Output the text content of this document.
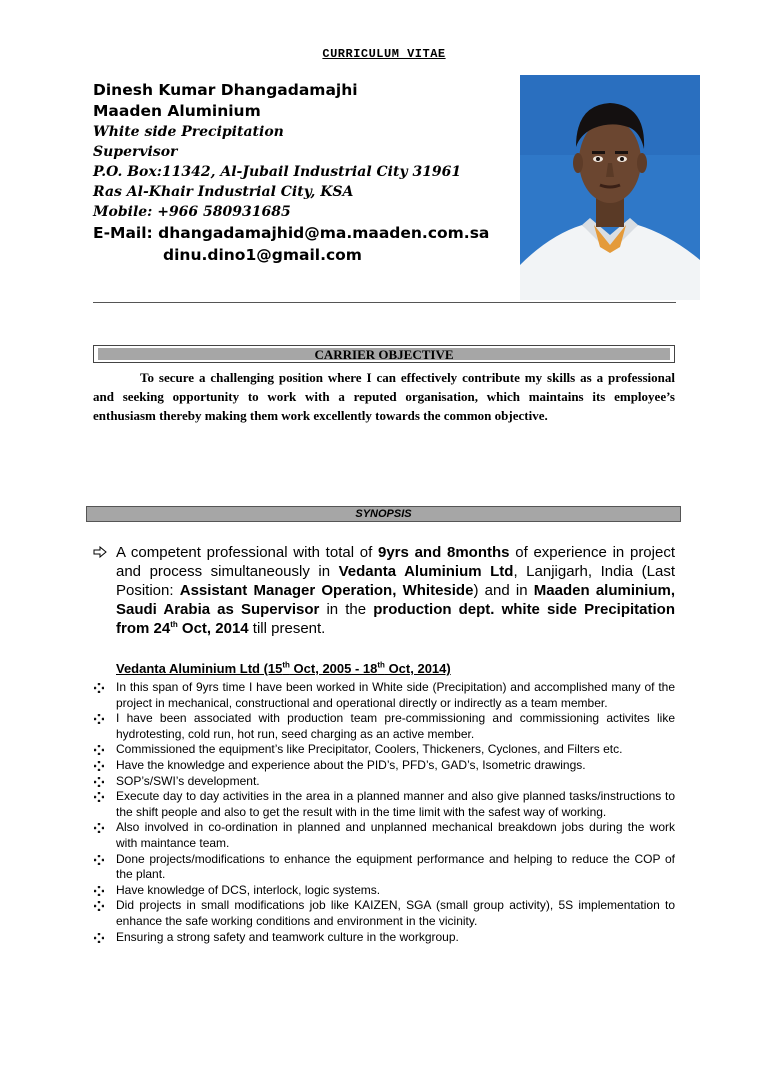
CURRICULUM VITAE
Dinesh Kumar Dhangadamajhi
Maaden Aluminium
White side Precipitation
Supervisor
P.O. Box:11342, Al-Jubail Industrial City 31961
Ras Al-Khair Industrial City, KSA
Mobile: +966 580931685
E-Mail: dhangadamajhid@ma.maaden.com.sa
dinu.dino1@gmail.com
CARRIER OBJECTIVE
To secure a challenging position where I can effectively contribute my skills as a professional and seeking opportunity to work with a reputed organisation, which maintains its employee’s enthusiasm thereby making them work excellently towards the common objective.
SYNOPSIS
A competent professional with total of 9yrs and 8months of experience in project and process simultaneously in Vedanta Aluminium Ltd, Lanjigarh, India (Last Position: Assistant Manager Operation, Whiteside) and in Maaden aluminium, Saudi Arabia as Supervisor in the production dept. white side Precipitation from 24th Oct, 2014 till present.
Vedanta Aluminium Ltd (15th Oct, 2005 - 18th Oct, 2014)
In this span of 9yrs time I have been worked in White side (Precipitation) and accomplished many of the project in mechanical, constructional and operational directly or indirectly as a team member.
I have been associated with production team pre-commissioning and commissioning activites like hydrotesting, cold run, hot run, seed charging as an active member.
Commissioned the equipment’s like Precipitator, Coolers, Thickeners, Cyclones, and Filters etc.
Have the knowledge and experience about the PID’s, PFD’s, GAD’s, Isometric drawings.
SOP’s/SWI’s development.
Execute day to day activities in the area in a planned manner and also give planned tasks/instructions to the shift people and also to get the result with in the time limit with the safest way of working.
Also involved in co-ordination in planned and unplanned mechanical breakdown jobs during the work with maintance team.
Done projects/modifications to enhance the equipment performance and helping to reduce the COP of the plant.
Have knowledge of DCS, interlock, logic systems.
Did projects in small modifications job like KAIZEN, SGA (small group activity), 5S implementation to enhance the safe working conditions and environment in the vicinity.
Ensuring a strong safety and teamwork culture in the workgroup.
